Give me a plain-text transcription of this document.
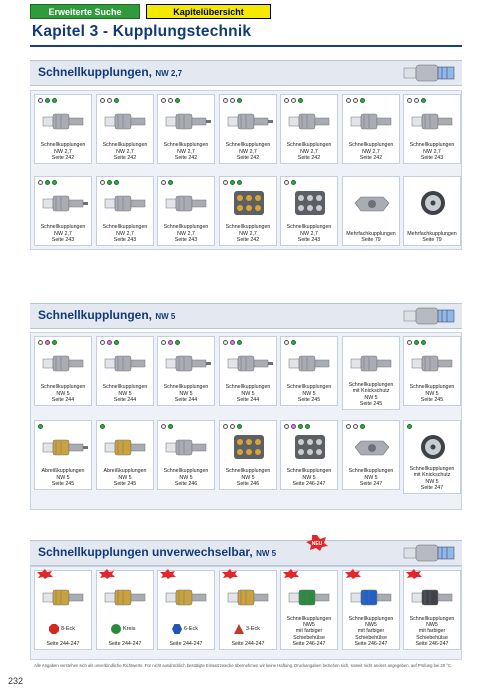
Erweiterte Suche	Kapitelübersicht
Kapitel 3 - Kupplungstechnik
Schnellkupplungen, NW 2,7
Schnellkupplungen
NW 2,7
Seite 242
Schnellkupplungen
NW 2,7
Seite 242
Schnellkupplungen
NW 2,7
Seite 242
Schnellkupplungen
NW 2,7
Seite 242
Schnellkupplungen
NW 2,7
Seite 242
Schnellkupplungen
NW 2,7
Seite 242
Schnellkupplungen
NW 2,7
Seite 243
Schnellkupplungen
NW 2,7
Seite 243
Schnellkupplungen
NW 2,7
Seite 243
Schnellkupplungen
NW 2,7
Seite 243
Schnellkupplungen
NW 2,7
Seite 242
Schnellkupplungen
NW 2,7
Seite 243
Mehrfachkupplungen
Seite 79
Mehrfachkupplungen
Seite 79
Schnellkupplungen, NW 5
Schnellkupplungen
NW 5
Seite 244
Schnellkupplungen
NW 5
Seite 244
Schnellkupplungen
NW 5
Seite 244
Schnellkupplungen
NW 5
Seite 244
Schnellkupplungen
NW 5
Seite 245
Schnellkupplungen
mit Knickschutz
NW 5
Seite 245
Schnellkupplungen
NW 5
Seite 245
Abreißkupplungen
NW 5
Seite 245
Abreißkupplungen
NW 5
Seite 245
Schnellkupplungen
NW 5
Seite 246
Schnellkupplungen
NW 5
Seite 246
Schnellkupplungen
NW 5
Seite 246-247
Schnellkupplungen
NW 5
Seite 247
Schnellkupplungen
mit Knickschutz
NW 5
Seite 247
Schnellkupplungen unverwechselbar, NW 5
NEU
8-Eck
Seite 244-247
Kreis
Seite 244-247
6-Eck
Seite 244-247
3-Eck
Seite 244-247
Schnellkupplungen NW5
mit farbiger
Schiebehülse
Seite 246-247
Schnellkupplungen NW5
mit farbiger
Schiebehülse
Seite 246-247
Schnellkupplungen NW5
mit farbiger
Schiebehülse
Seite 246-247
Alle Angaben verstehen sich als unverbindliche Richtwerte. Für nicht ausdrücklich bestätigte Einsatzzwecke übernehmen wir keine Haftung. Druckangaben beziehen sich, soweit nicht anders angegeben, auf Prüfung bei 20 °C.
232
